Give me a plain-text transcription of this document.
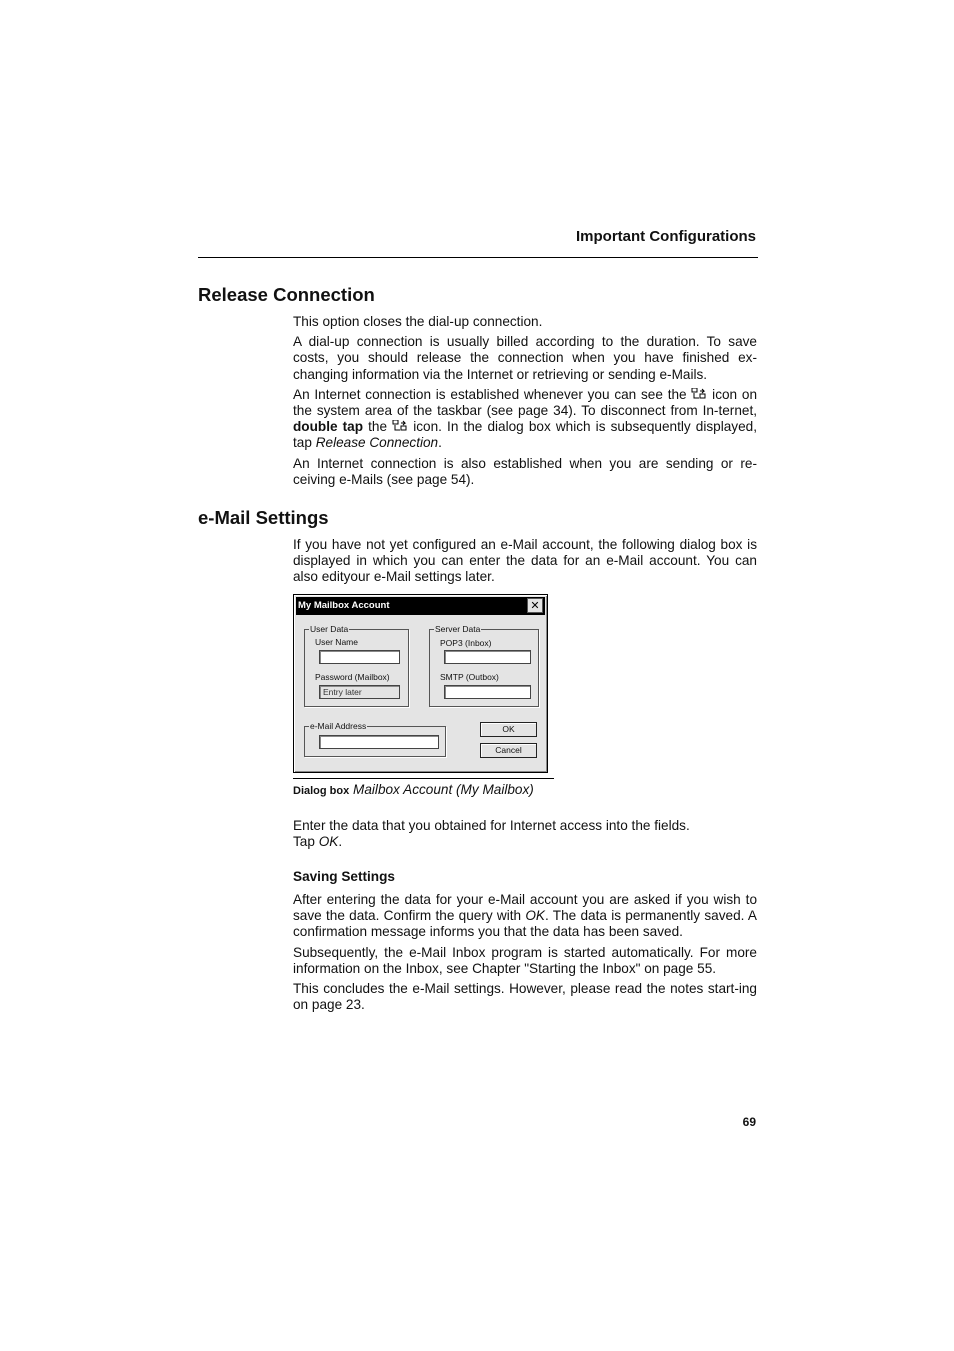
Important Configurations
Release Connection

This option closes the dial-up connection.

A dial-up connection is usually billed according to the duration. To save costs, you should release the connection when you have finished ex-changing information via the Internet or retrieving or sending e-Mails.

An Internet connection is established whenever you can see the icon on the system area of the taskbar (see page 34). To disconnect from In-ternet, double tap the icon. In the dialog box which is subsequently displayed, tap Release Connection.

An Internet connection is also established when you are sending or re-ceiving e-Mails (see page 54).

e-Mail Settings

If you have not yet configured an e-Mail account, the following dialog box is displayed in which you can enter the data for an e-Mail account. You can also edityour e-Mail settings later.

My Mailbox Account	✕
User Data
User Name
Password (Mailbox)
Entry later
Server Data
POP3 (Inbox)
SMTP (Outbox)
e-Mail Address	OK
Cancel
Dialog box Mailbox Account (My Mailbox)

Enter the data that you obtained for Internet access into the fields.
Tap OK.

Saving Settings

After entering the data for your e-Mail account you are asked if you wish to save the data. Confirm the query with OK. The data is permanently saved. A confirmation message informs you that the data has been saved.

Subsequently, the e-Mail Inbox program is started automatically. For more information on the Inbox, see Chapter "Starting the Inbox" on page 55.

This concludes the e-Mail settings. However, please read the notes start-ing on page 23.

69
